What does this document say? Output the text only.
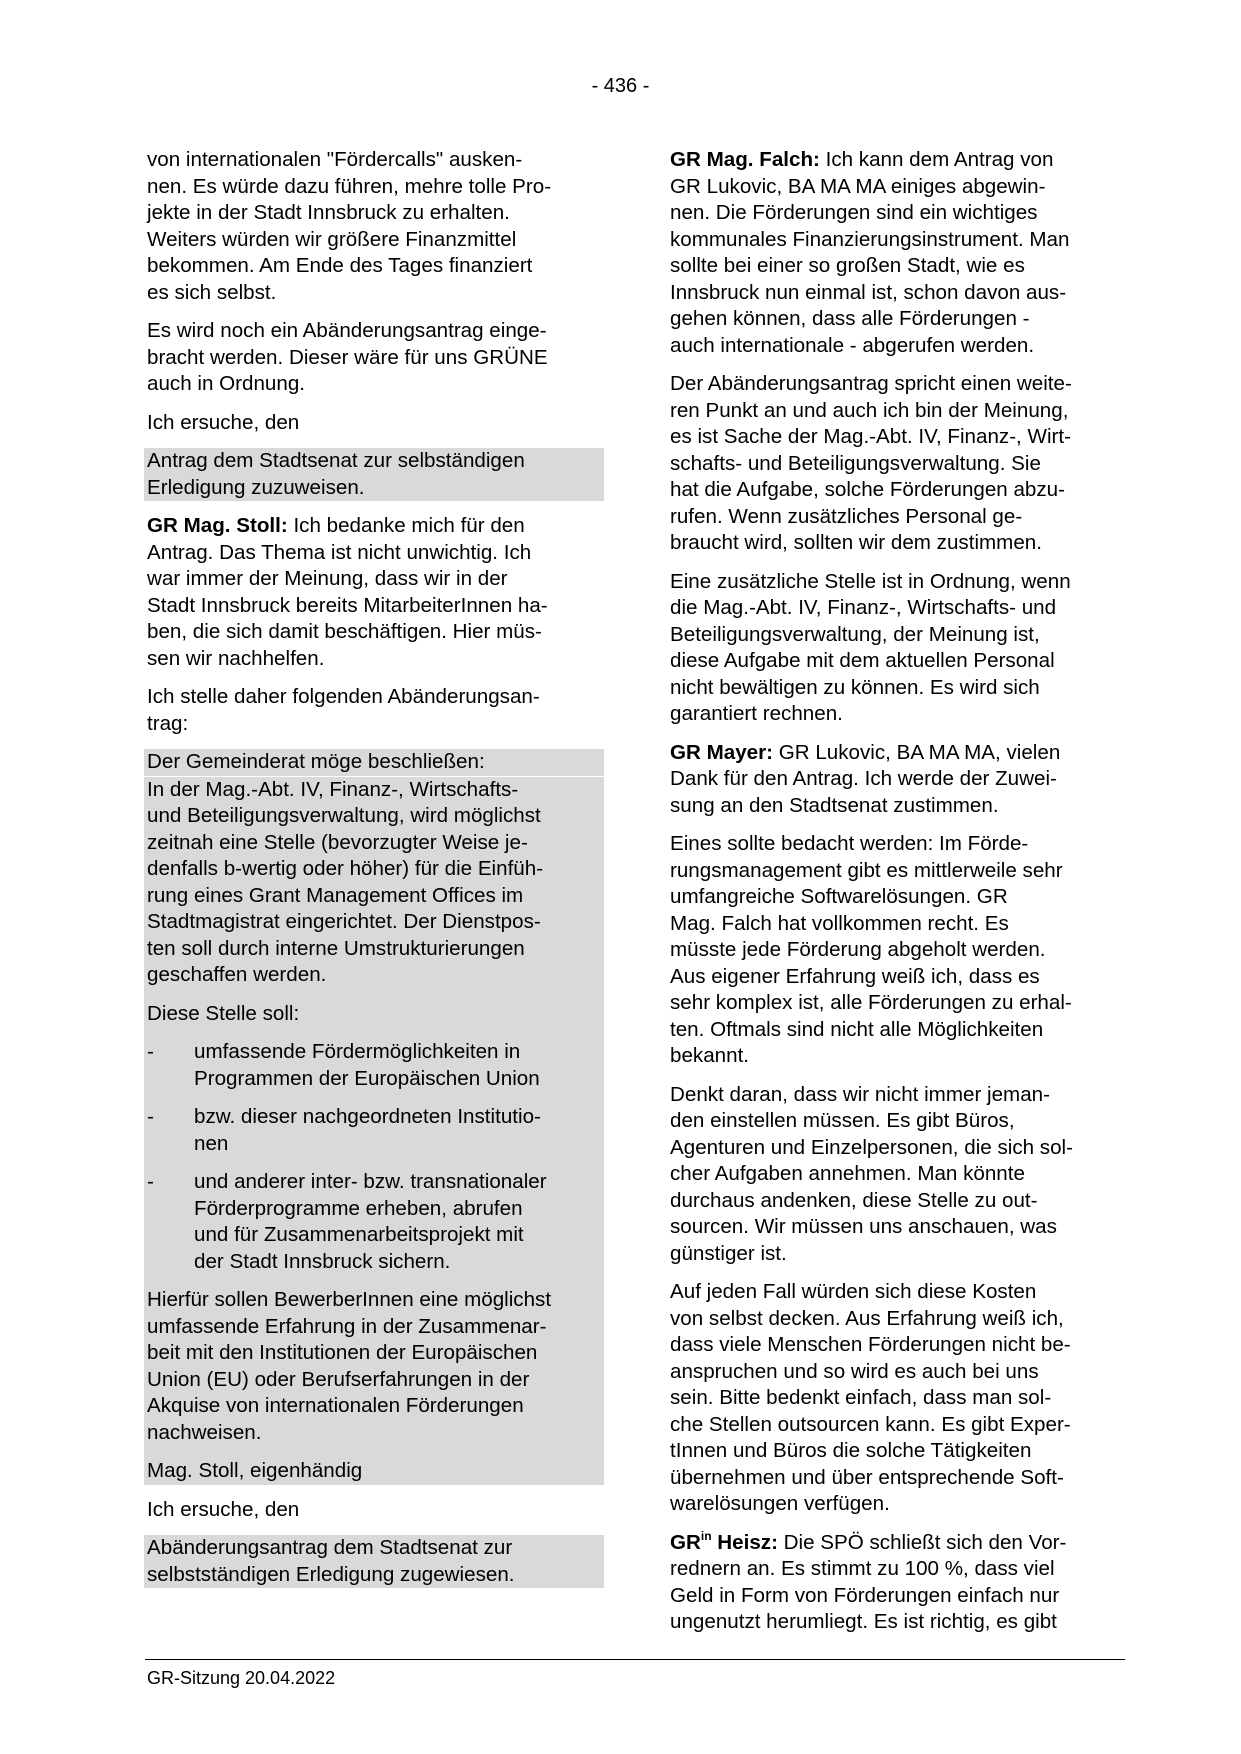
- 436 -

von internationalen "Fördercalls" ausken-
nen. Es würde dazu führen, mehre tolle Pro-
jekte in der Stadt Innsbruck zu erhalten.
Weiters würden wir größere Finanzmittel
bekommen. Am Ende des Tages finanziert
es sich selbst.

Es wird noch ein Abänderungsantrag einge-
bracht werden. Dieser wäre für uns GRÜNE
auch in Ordnung.

Ich ersuche, den

Antrag dem Stadtsenat zur selbständigen
Erledigung zuzuweisen.

GR Mag. Stoll: Ich bedanke mich für den
Antrag. Das Thema ist nicht unwichtig. Ich
war immer der Meinung, dass wir in der
Stadt Innsbruck bereits MitarbeiterInnen ha-
ben, die sich damit beschäftigen. Hier müs-
sen wir nachhelfen.

Ich stelle daher folgenden Abänderungsan-
trag:

Der Gemeinderat möge beschließen:

In der Mag.-Abt. IV, Finanz-, Wirtschafts-
und Beteiligungsverwaltung, wird möglichst
zeitnah eine Stelle (bevorzugter Weise je-
denfalls b-wertig oder höher) für die Einfüh-
rung eines Grant Management Offices im
Stadtmagistrat eingerichtet. Der Dienstpos-
ten soll durch interne Umstrukturierungen
geschaffen werden.

Diese Stelle soll:

-	umfassende Fördermöglichkeiten in
Programmen der Europäischen Union
-	bzw. dieser nachgeordneten Institutio-
nen
-	und anderer inter- bzw. transnationaler
Förderprogramme erheben, abrufen
und für Zusammenarbeitsprojekt mit
der Stadt Innsbruck sichern.

Hierfür sollen BewerberInnen eine möglichst
umfassende Erfahrung in der Zusammenar-
beit mit den Institutionen der Europäischen
Union (EU) oder Berufserfahrungen in der
Akquise von internationalen Förderungen
nachweisen.

Mag. Stoll, eigenhändig

Ich ersuche, den

Abänderungsantrag dem Stadtsenat zur
selbstständigen Erledigung zugewiesen.

GR Mag. Falch: Ich kann dem Antrag von
GR Lukovic, BA MA MA einiges abgewin-
nen. Die Förderungen sind ein wichtiges
kommunales Finanzierungsinstrument. Man
sollte bei einer so großen Stadt, wie es
Innsbruck nun einmal ist, schon davon aus-
gehen können, dass alle Förderungen -
auch internationale - abgerufen werden.

Der Abänderungsantrag spricht einen weite-
ren Punkt an und auch ich bin der Meinung,
es ist Sache der Mag.-Abt. IV, Finanz-, Wirt-
schafts- und Beteiligungsverwaltung. Sie
hat die Aufgabe, solche Förderungen abzu-
rufen. Wenn zusätzliches Personal ge-
braucht wird, sollten wir dem zustimmen.

Eine zusätzliche Stelle ist in Ordnung, wenn
die Mag.-Abt. IV, Finanz-, Wirtschafts- und
Beteiligungsverwaltung, der Meinung ist,
diese Aufgabe mit dem aktuellen Personal
nicht bewältigen zu können. Es wird sich
garantiert rechnen.

GR Mayer: GR Lukovic, BA MA MA, vielen
Dank für den Antrag. Ich werde der Zuwei-
sung an den Stadtsenat zustimmen.

Eines sollte bedacht werden: Im Förde-
rungsmanagement gibt es mittlerweile sehr
umfangreiche Softwarelösungen. GR
Mag. Falch hat vollkommen recht. Es
müsste jede Förderung abgeholt werden.
Aus eigener Erfahrung weiß ich, dass es
sehr komplex ist, alle Förderungen zu erhal-
ten. Oftmals sind nicht alle Möglichkeiten
bekannt.

Denkt daran, dass wir nicht immer jeman-
den einstellen müssen. Es gibt Büros,
Agenturen und Einzelpersonen, die sich sol-
cher Aufgaben annehmen. Man könnte
durchaus andenken, diese Stelle zu out-
sourcen. Wir müssen uns anschauen, was
günstiger ist.

Auf jeden Fall würden sich diese Kosten
von selbst decken. Aus Erfahrung weiß ich,
dass viele Menschen Förderungen nicht be-
anspruchen und so wird es auch bei uns
sein. Bitte bedenkt einfach, dass man sol-
che Stellen outsourcen kann. Es gibt Exper-
tInnen und Büros die solche Tätigkeiten
übernehmen und über entsprechende Soft-
warelösungen verfügen.

$GR^{in}$ Heisz: Die SPÖ schließt sich den Vor-
rednern an. Es stimmt zu 100 %, dass viel
Geld in Form von Förderungen einfach nur
ungenutzt herumliegt. Es ist richtig, es gibt

GR-Sitzung 20.04.2022
